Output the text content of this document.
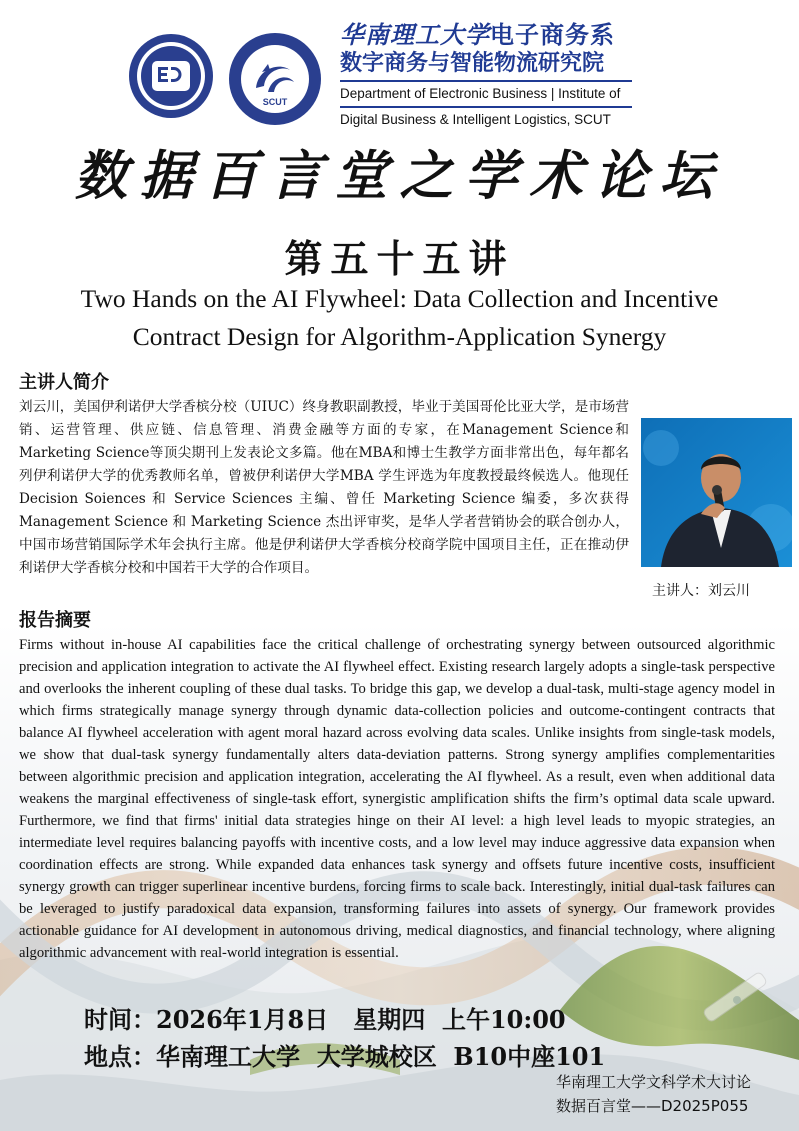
SCUT
华南理工大学电子商务系
数字商务与智能物流研究院
Department of Electronic Business | Institute of
Digital Business & Intelligent Logistics, SCUT
数据百言堂之学术论坛
第五十五讲
Two Hands on the AI Flywheel: Data Collection and Incentive
Contract Design for Algorithm-Application Synergy
主讲人简介
刘云川，美国伊利诺伊大学香槟分校（UIUC）终身教职副教授，毕业于美国哥伦比亚大学，是市场营销、运营管理、供应链、信息管理、消费金融等方面的专家，在Management Science和Marketing Science等顶尖期刊上发表论文多篇。他在MBA和博士生教学方面非常出色，每年都名列伊利诺伊大学的优秀教师名单，曾被伊利诺伊大学MBA 学生评选为年度教授最终候选人。他现任Decision Soiences 和 Service Sciences 主编、曾任 Marketing Science 编委，多次获得Management Science 和 Marketing Science 杰出评审奖，是华人学者营销协会的联合创办人，中国市场营销国际学术年会执行主席。他是伊利诺伊大学香槟分校商学院中国项目主任，正在推动伊利诺伊大学香槟分校和中国若干大学的合作项目。
主讲人：刘云川
报告摘要
Firms without in-house AI capabilities face the critical challenge of orchestrating synergy between outsourced algorithmic precision and application integration to activate the AI flywheel effect. Existing research largely adopts a single-task perspective and overlooks the inherent coupling of these dual tasks. To bridge this gap, we develop a dual-task, multi-stage agency model in which firms strategically manage synergy through dynamic data-collection policies and outcome-contingent contracts that balance AI flywheel acceleration with agent moral hazard across evolving data scales. Unlike insights from single-task models, we show that dual-task synergy fundamentally alters data-deviation patterns. Strong synergy amplifies complementarities between algorithmic precision and application integration, accelerating the AI flywheel. As a result, even when additional data weakens the marginal effectiveness of single-task effort, synergistic amplification shifts the firm’s optimal data scale upward. Furthermore, we find that firms' initial data strategies hinge on their AI level: a high level leads to myopic strategies, an intermediate level requires balancing payoffs with incentive costs, and a low level may induce aggressive data expansion when coordination effects are strong. While expanded data enhances task synergy and offsets future incentive costs, insufficient synergy growth can trigger superlinear incentive burdens, forcing firms to scale back. Interestingly, initial dual-task failures can be leveraged to justify paradoxical data expansion, transforming failures into assets of synergy. Our framework provides actionable guidance for AI development in autonomous driving, medical diagnostics, and financial technology, where aligning algorithmic advancement with real-world integration is essential.
时间：2026年1月8日   星期四  上午10:00
地点：华南理工大学  大学城校区  B10中座101
华南理工大学文科学术大讨论
数据百言堂——D2025P055
